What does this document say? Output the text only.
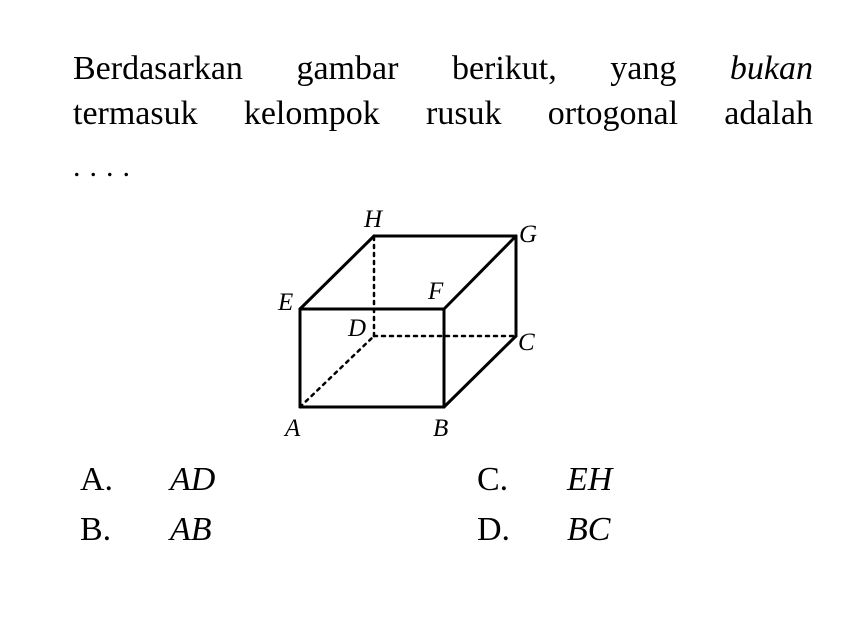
Berdasarkan gambar berikut, yang bukan
termasuk kelompok rusuk ortogonal adalah
....
H
G
E	F
D
C
A	B
A. AD
B. AB
C. EH
D. BC
